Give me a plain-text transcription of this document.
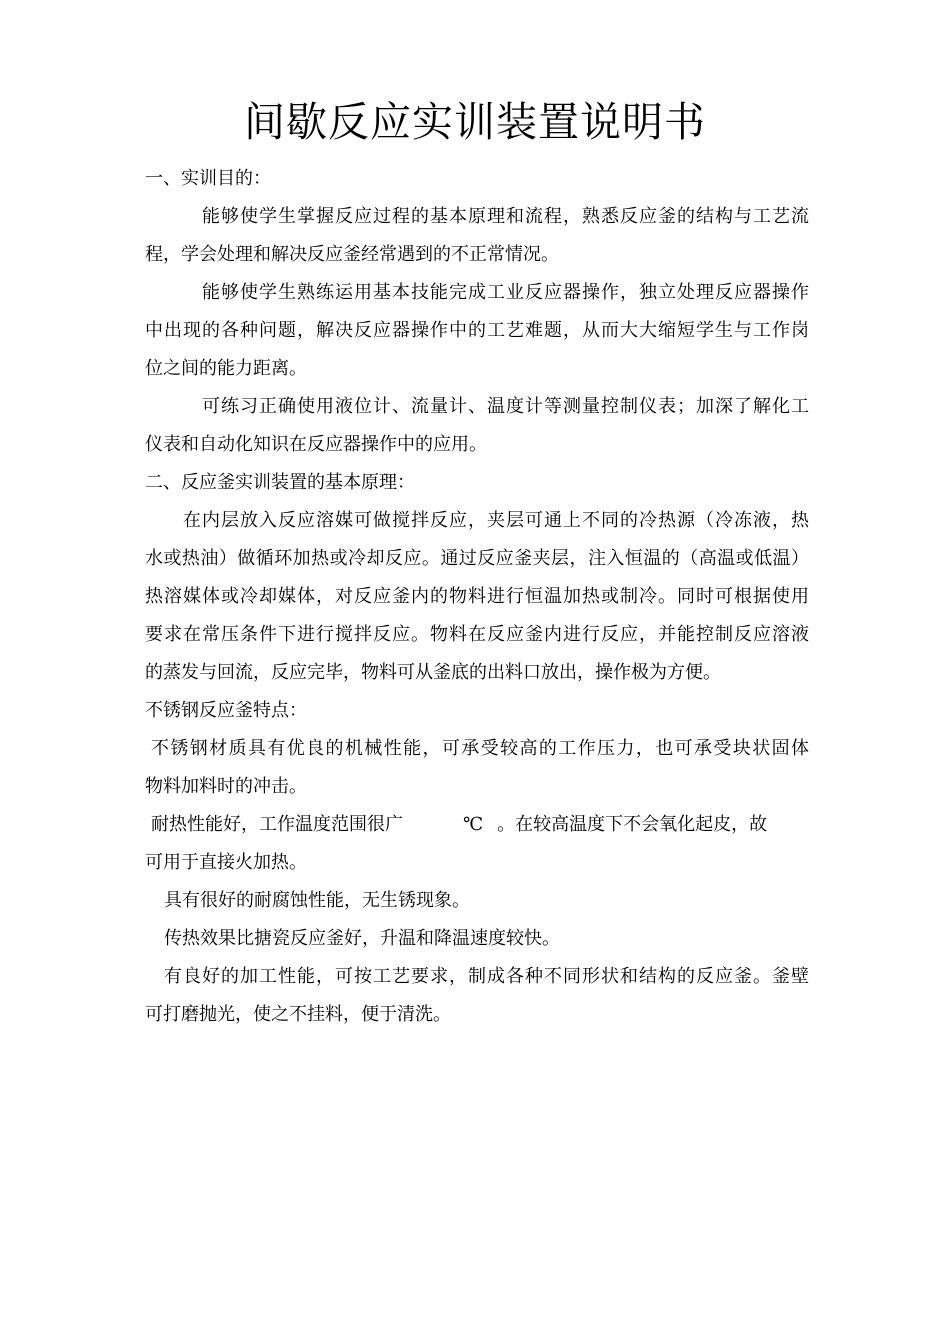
间歇反应实训装置说明书
一、实训目的：
能够使学生掌握反应过程的基本原理和流程，熟悉反应釜的结构与工艺流
程，学会处理和解决反应釜经常遇到的不正常情况。
能够使学生熟练运用基本技能完成工业反应器操作，独立处理反应器操作
中出现的各种问题，解决反应器操作中的工艺难题，从而大大缩短学生与工作岗
位之间的能力距离。
可练习正确使用液位计、流量计、温度计等测量控制仪表；加深了解化工
仪表和自动化知识在反应器操作中的应用。
二、反应釜实训装置的基本原理：
在内层放入反应溶媒可做搅拌反应，夹层可通上不同的冷热源（冷冻液，热
水或热油）做循环加热或冷却反应。通过反应釜夹层，注入恒温的（高温或低温）
热溶媒体或冷却媒体，对反应釜内的物料进行恒温加热或制冷。同时可根据使用
要求在常压条件下进行搅拌反应。物料在反应釜内进行反应，并能控制反应溶液
的蒸发与回流，反应完毕，物料可从釜底的出料口放出，操作极为方便。
不锈钢反应釜特点：
不锈钢材质具有优良的机械性能，可承受较高的工作压力，也可承受块状固体
物料加料时的冲击。
耐热性能好，工作温度范围很广	℃ 。在较高温度下不会氧化起皮，故
可用于直接火加热。
具有很好的耐腐蚀性能，无生锈现象。
传热效果比搪瓷反应釜好，升温和降温速度较快。
有良好的加工性能，可按工艺要求，制成各种不同形状和结构的反应釜。釜壁
可打磨抛光，使之不挂料，便于清洗。
